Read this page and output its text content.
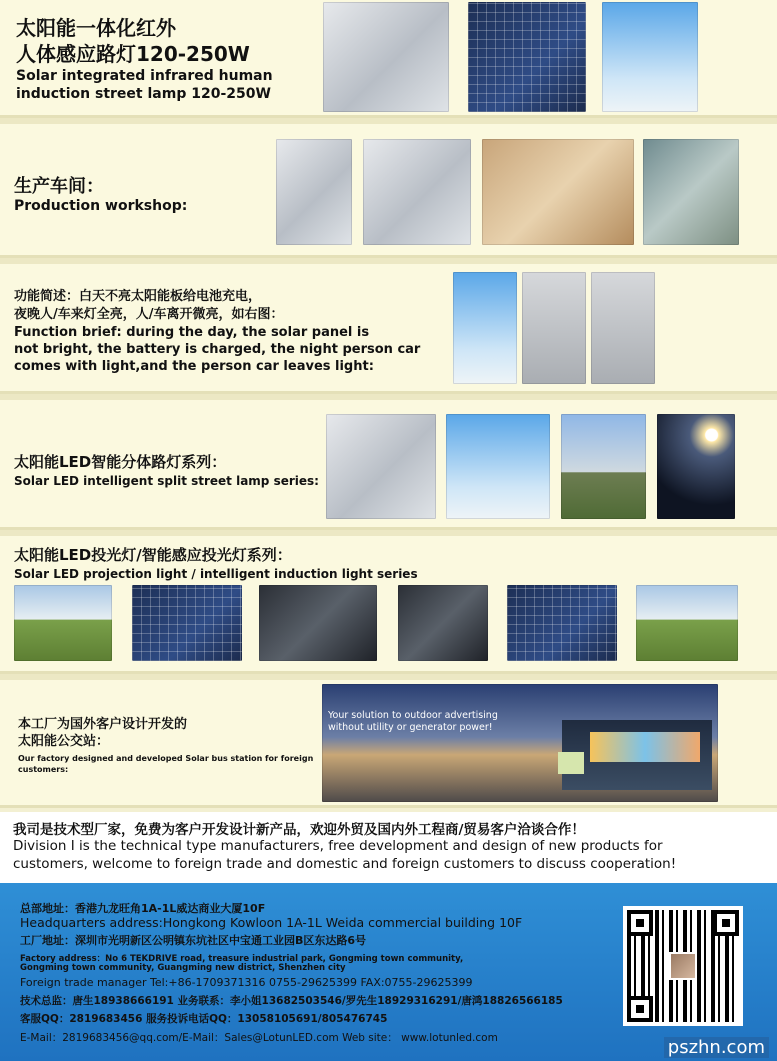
太阳能一体化红外
人体感应路灯120-250W
Solar integrated infrared human
induction street lamp 120-250W
生产车间：
Production workshop:
功能简述：白天不亮太阳能板给电池充电，
夜晚人/车来灯全亮，人/车离开微亮，如右图：
Function brief: during the day, the solar panel is
not bright, the battery is charged, the night person car
comes with light,and the person car leaves light:
太阳能LED智能分体路灯系列：
Solar LED intelligent split street lamp series:
太阳能LED投光灯/智能感应投光灯系列：
Solar LED projection light / intelligent induction light series
本工厂为国外客户设计开发的
太阳能公交站：
Our factory designed and developed Solar bus station for foreign
customers:
Your solution to outdoor advertising
without utility or generator power!
我司是技术型厂家，免费为客户开发设计新产品，欢迎外贸及国内外工程商/贸易客户洽谈合作！
Division I is the technical type manufacturers, free development and design of new products for
customers, welcome to foreign trade and domestic and foreign customers to discuss cooperation!
总部地址：香港九龙旺角1A-1L威达商业大厦10F
Headquarters address:Hongkong Kowloon 1A-1L Weida commercial building 10F
工厂地址：深圳市光明新区公明镇东坑社区中宝通工业园B区东达路6号
Factory address：No 6 TEKDRIVE road, treasure industrial park, Gongming town community,
Gongming town community, Guangming new district, Shenzhen city
Foreign trade manager Tel:+86-1709371316 0755-29625399 FAX:0755-29625399
技术总监：唐生18938666191 业务联系：李小姐13682503546/罗先生18929316291/唐鸿18826566185
客服QQ：2819683456 服务投诉电话QQ：13058105691/805476745
E-Mail：2819683456@qq.com/E-Mail：Sales@LotunLED.com Web site： www.lotunled.com	pszhn.com
